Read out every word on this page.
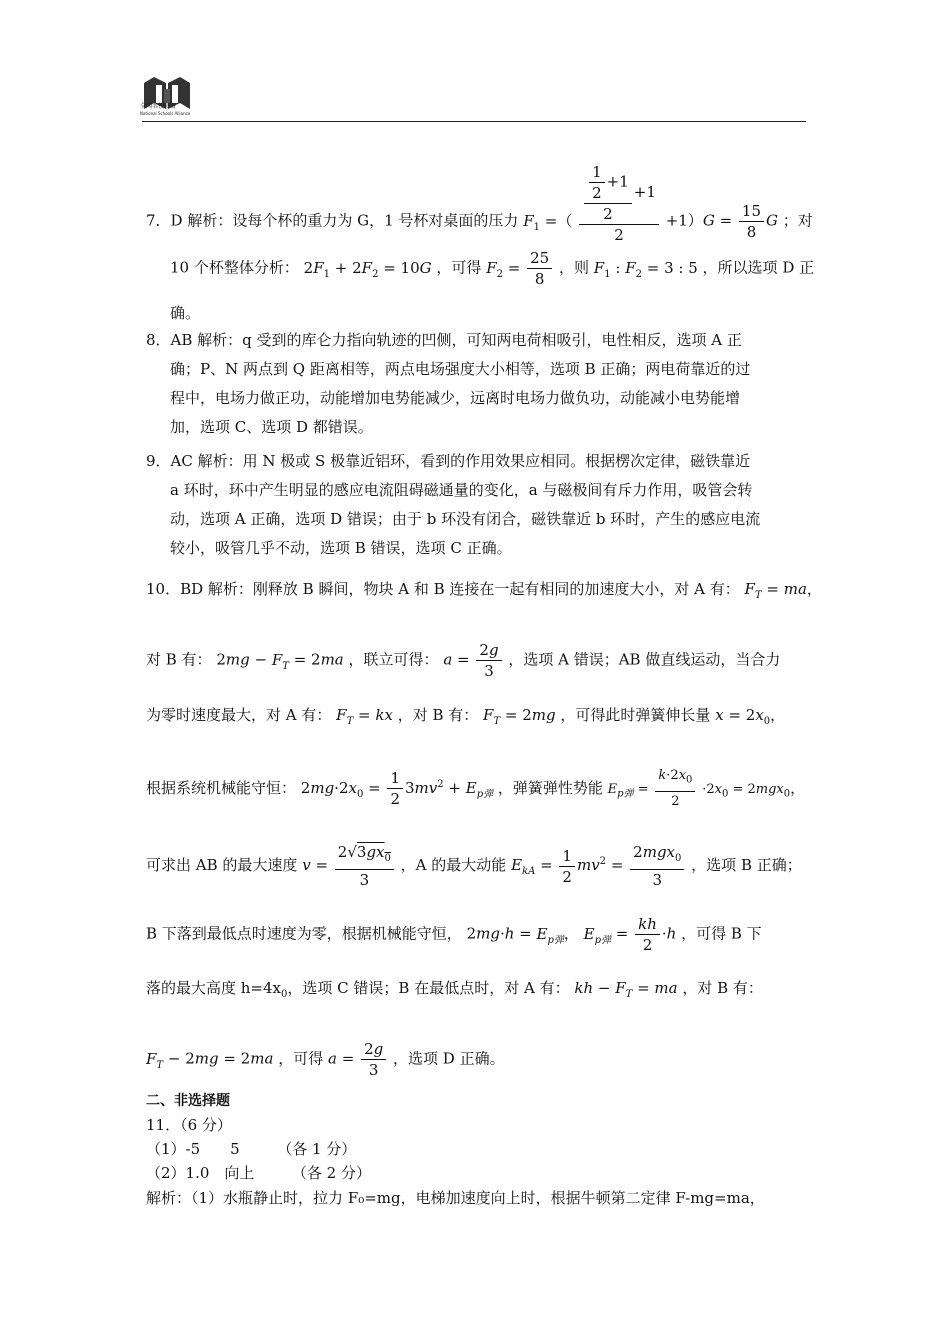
全国名校联盟
National Schools Alliance
7．D 解析：设每个杯的重力为 G，1 号杯对桌面的压力 $F_1$ =（ $\frac{\frac{\frac{1}{2} +1}{2} +1}{2} +1)G = \frac{15}{8}$ G ；对
10 个杯整体分析： $2F_1 + 2F_2 = 10G$ ，可得 $F_2 = \frac{25}{8}$ ，则 $F_1$ : $F_2 = 3$ : 5 ，所以选项 D 正
确。
8．AB 解析：q 受到的库仑力指向轨迹的凹侧，可知两电荷相吸引，电性相反，选项 A 正
确；P、N 两点到 Q 距离相等，两点电场强度大小相等，选项 B 正确；两电荷靠近的过
程中，电场力做正功，动能增加电势能减少，远离时电场力做负功，动能减小电势能增
加，选项 C、选项 D 都错误。
9．AC 解析：用 N 极或 S 极靠近铝环，看到的作用效果应相同。根据楞次定律，磁铁靠近
a 环时，环中产生明显的感应电流阻碍磁通量的变化，a 与磁极间有斥力作用，吸管会转
动，选项 A 正确，选项 D 错误；由于 b 环没有闭合，磁铁靠近 b 环时，产生的感应电流
较小，吸管几乎不动，选项 B 错误，选项 C 正确。
10．BD 解析：刚释放 B 瞬间，物块 A 和 B 连接在一起有相同的加速度大小，对 A 有： $F_T$ = ma，
对 B 有： $2mg - F_T = 2ma$ ，联立可得： $a = \frac{2g}{3}$ ，选项 A 错误；AB 做直线运动，当合力
为零时速度最大，对 A 有： $F_T$ = kx ，对 B 有： $F_T = 2mg$ ，可得此时弹簧伸长量 $x = 2x_0$，
根据系统机械能守恒： $2mg\cdot 2x_0 = \frac{1}{2} 3mv^2 + E_{p弹}$ ，弹簧弹性势能 $E_{p弹} = \frac{k\cdot 2x_0}{2} \cdot 2x_0 = 2mgx_0$，
可求出 AB 的最大速度 $v = \frac{2√3gx_0}{3}$ ，A 的最大动能 $E_{kA} = \frac{1}{2} mv^2 = \frac{2mgx_0}{3}$ ，选项 B 正确；
B 下落到最低点时速度为零，根据机械能守恒， $2mg\cdot h = E_{p弹}$， $E_{p弹} = \frac{kh}{2} \cdot h$ ，可得 B 下
落的最大高度 $h=4x_0$，选项 C 错误；B 在最低点时，对 A 有： kh − $F_T$ = ma ，对 B 有：
$F_T - 2mg = 2ma$ ，可得 $a = \frac{2g}{3}$ ，选项 D 正确。
二、非选择题
11．（6 分）
（1）-5　　5　　　（各 1 分）
（2）1.0　向上　　　（各 2 分）
解析：（1）水瓶静止时，拉力 F₀=mg，电梯加速度向上时，根据牛顿第二定律 F-mg=ma，
